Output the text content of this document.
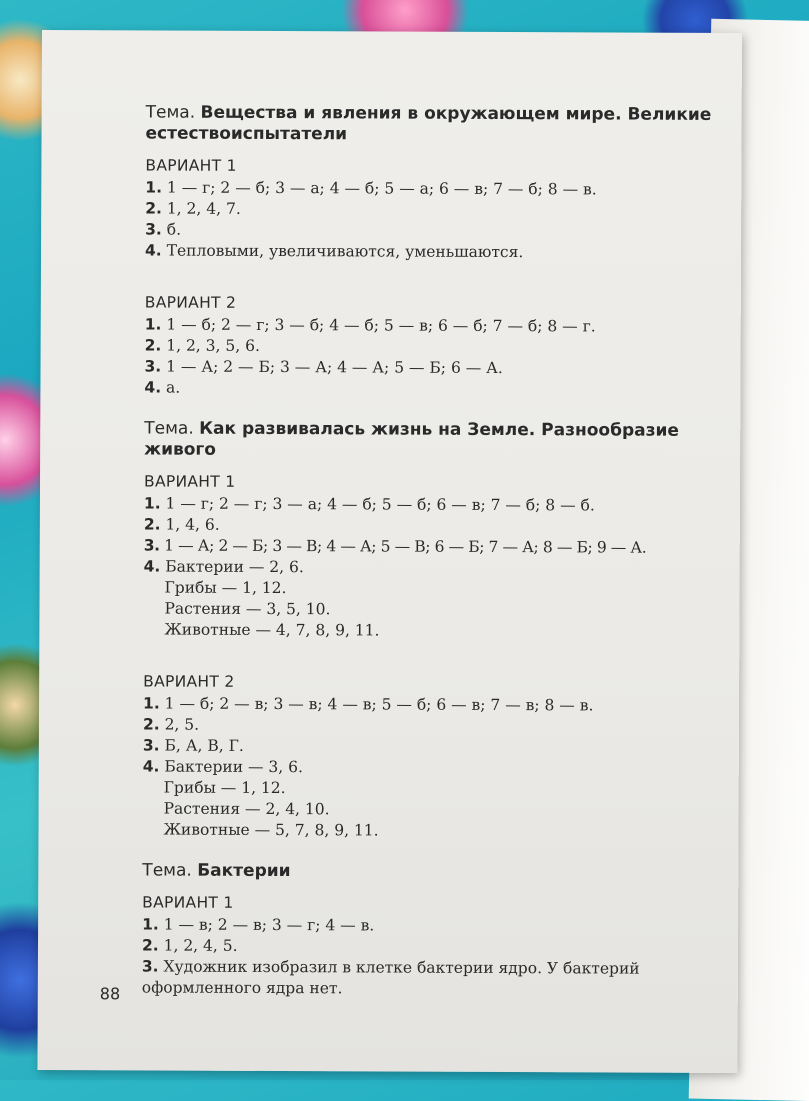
Тема. Вещества и явления в окружающем мире. Великие естествоиспытатели

ВАРИАНТ 1

1. 1 — г; 2 — б; 3 — а; 4 — б; 5 — а; 6 — в; 7 — б; 8 — в.

2. 1, 2, 4, 7.

3. б.

4. Тепловыми, увеличиваются, уменьшаются.

ВАРИАНТ 2

1. 1 — б; 2 — г; 3 — б; 4 — б; 5 — в; 6 — б; 7 — б; 8 — г.

2. 1, 2, 3, 5, 6.

3. 1 — А; 2 — Б; 3 — А; 4 — А; 5 — Б; 6 — А.

4. а.

Тема. Как развивалась жизнь на Земле. Разнообразие живого

ВАРИАНТ 1

1. 1 — г; 2 — г; 3 — а; 4 — б; 5 — б; 6 — в; 7 — б; 8 — б.

2. 1, 4, 6.

3. 1 — А; 2 — Б; 3 — В; 4 — А; 5 — В; 6 — Б; 7 — А; 8 — Б; 9 — А.

4. Бактерии — 2, 6.

Грибы — 1, 12.

Растения — 3, 5, 10.

Животные — 4, 7, 8, 9, 11.

ВАРИАНТ 2

1. 1 — б; 2 — в; 3 — в; 4 — в; 5 — б; 6 — в; 7 — в; 8 — в.

2. 2, 5.

3. Б, А, В, Г.

4. Бактерии — 3, 6.

Грибы — 1, 12.

Растения — 2, 4, 10.

Животные — 5, 7, 8, 9, 11.

Тема. Бактерии

ВАРИАНТ 1

1. 1 — в; 2 — в; 3 — г; 4 — в.

2. 1, 2, 4, 5.

3. Художник изобразил в клетке бактерии ядро. У бактерий оформленного ядра нет.

88
